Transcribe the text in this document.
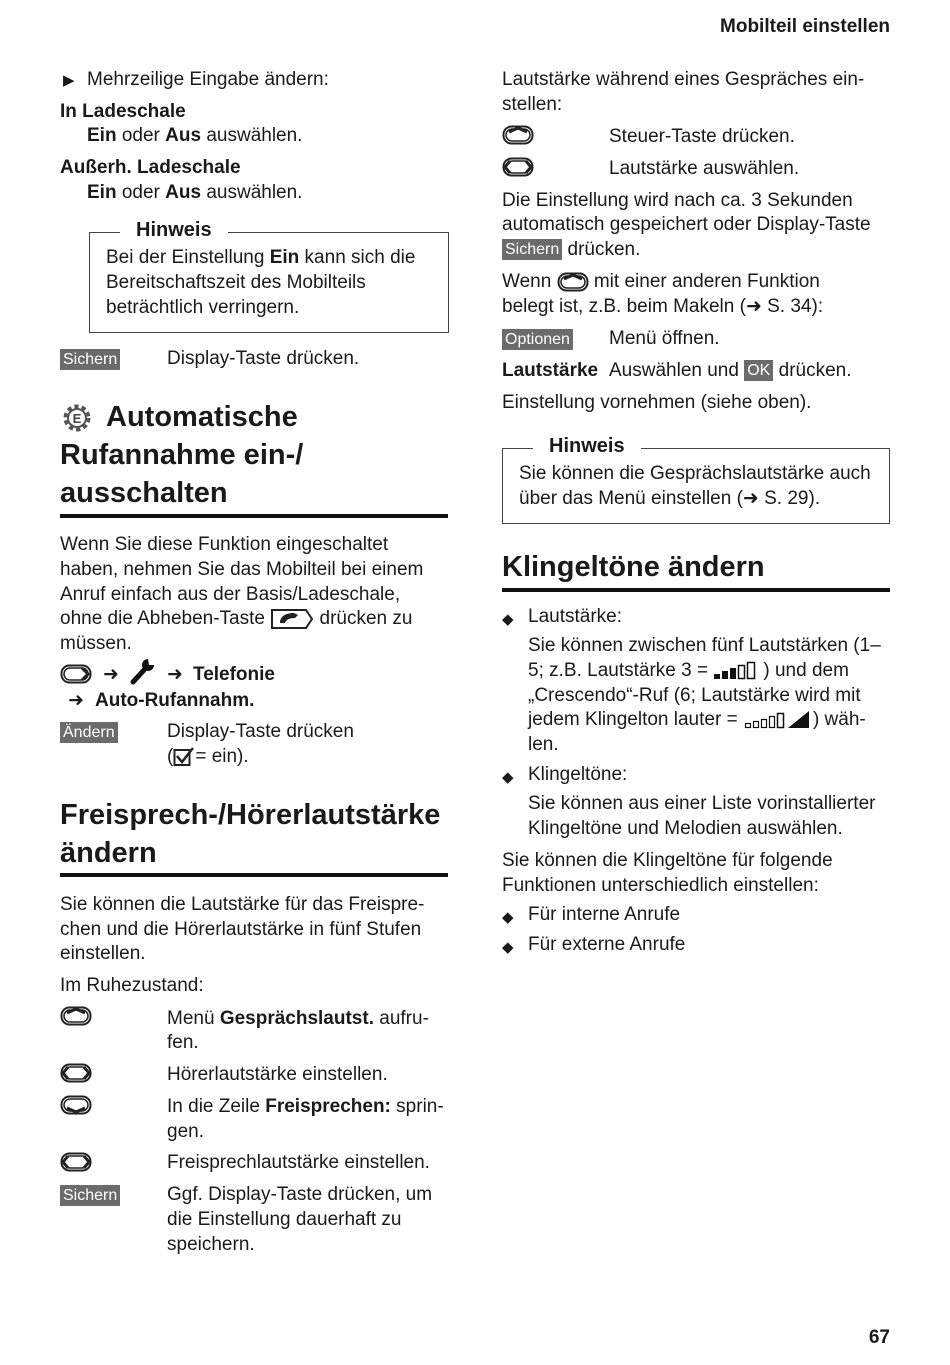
Mobilteil einstellen
▶ Mehrzeilige Eingabe ändern:

In Ladeschale

Ein oder Aus auswählen.

Außerh. Ladeschale

Ein oder Aus auswählen.

Hinweis
Bei der Einstellung Ein kann sich die
Bereitschaftszeit des Mobilteils
beträchtlich verringern.
Sichern	Display-Taste drücken.

E Automatische

Rufannahme ein-/

ausschalten

Wenn Sie diese Funktion eingeschaltet

haben, nehmen Sie das Mobilteil bei einem

Anruf einfach aus der Basis/Ladeschale,

ohne die Abheben-Taste	drücken zu

müssen.

➜	➜ Telefonie

➜ Auto-Rufannahm.

Ändern	Display-Taste drücken

( = ein).

Freisprech-/Hörerlautstärke

ändern

Sie können die Lautstärke für das Freispre-

chen und die Hörerlautstärke in fünf Stufen

einstellen.

Im Ruhezustand:

Menü Gesprächslautst. aufru-

fen.

Hörerlautstärke einstellen.

In die Zeile Freisprechen: sprin-

gen.

Freisprechlautstärke einstellen.

Sichern	Ggf. Display-Taste drücken, um

die Einstellung dauerhaft zu

speichern.

Lautstärke während eines Gespräches ein-

stellen:

Steuer-Taste drücken.

Lautstärke auswählen.

Die Einstellung wird nach ca. 3 Sekunden

automatisch gespeichert oder Display-Taste

Sichern drücken.

Wenn mit einer anderen Funktion

belegt ist, z.B. beim Makeln (➜ S. 34):

Optionen Menü öffnen.

Lautstärke Auswählen und OK drücken.

Einstellung vornehmen (siehe oben).

Hinweis
Sie können die Gesprächslautstärke auch
über das Menü einstellen (➜ S. 29).

Klingeltöne ändern

◆ Lautstärke:

Sie können zwischen fünf Lautstärken (1–

5; z.B. Lautstärke 3 =	) und dem

„Crescendo“-Ruf (6; Lautstärke wird mit

jedem Klingelton lauter =	) wäh-

len.

◆ Klingeltöne:

Sie können aus einer Liste vorinstallierter

Klingeltöne und Melodien auswählen.

Sie können die Klingeltöne für folgende

Funktionen unterschiedlich einstellen:

◆ Für interne Anrufe

◆ Für externe Anrufe

67
